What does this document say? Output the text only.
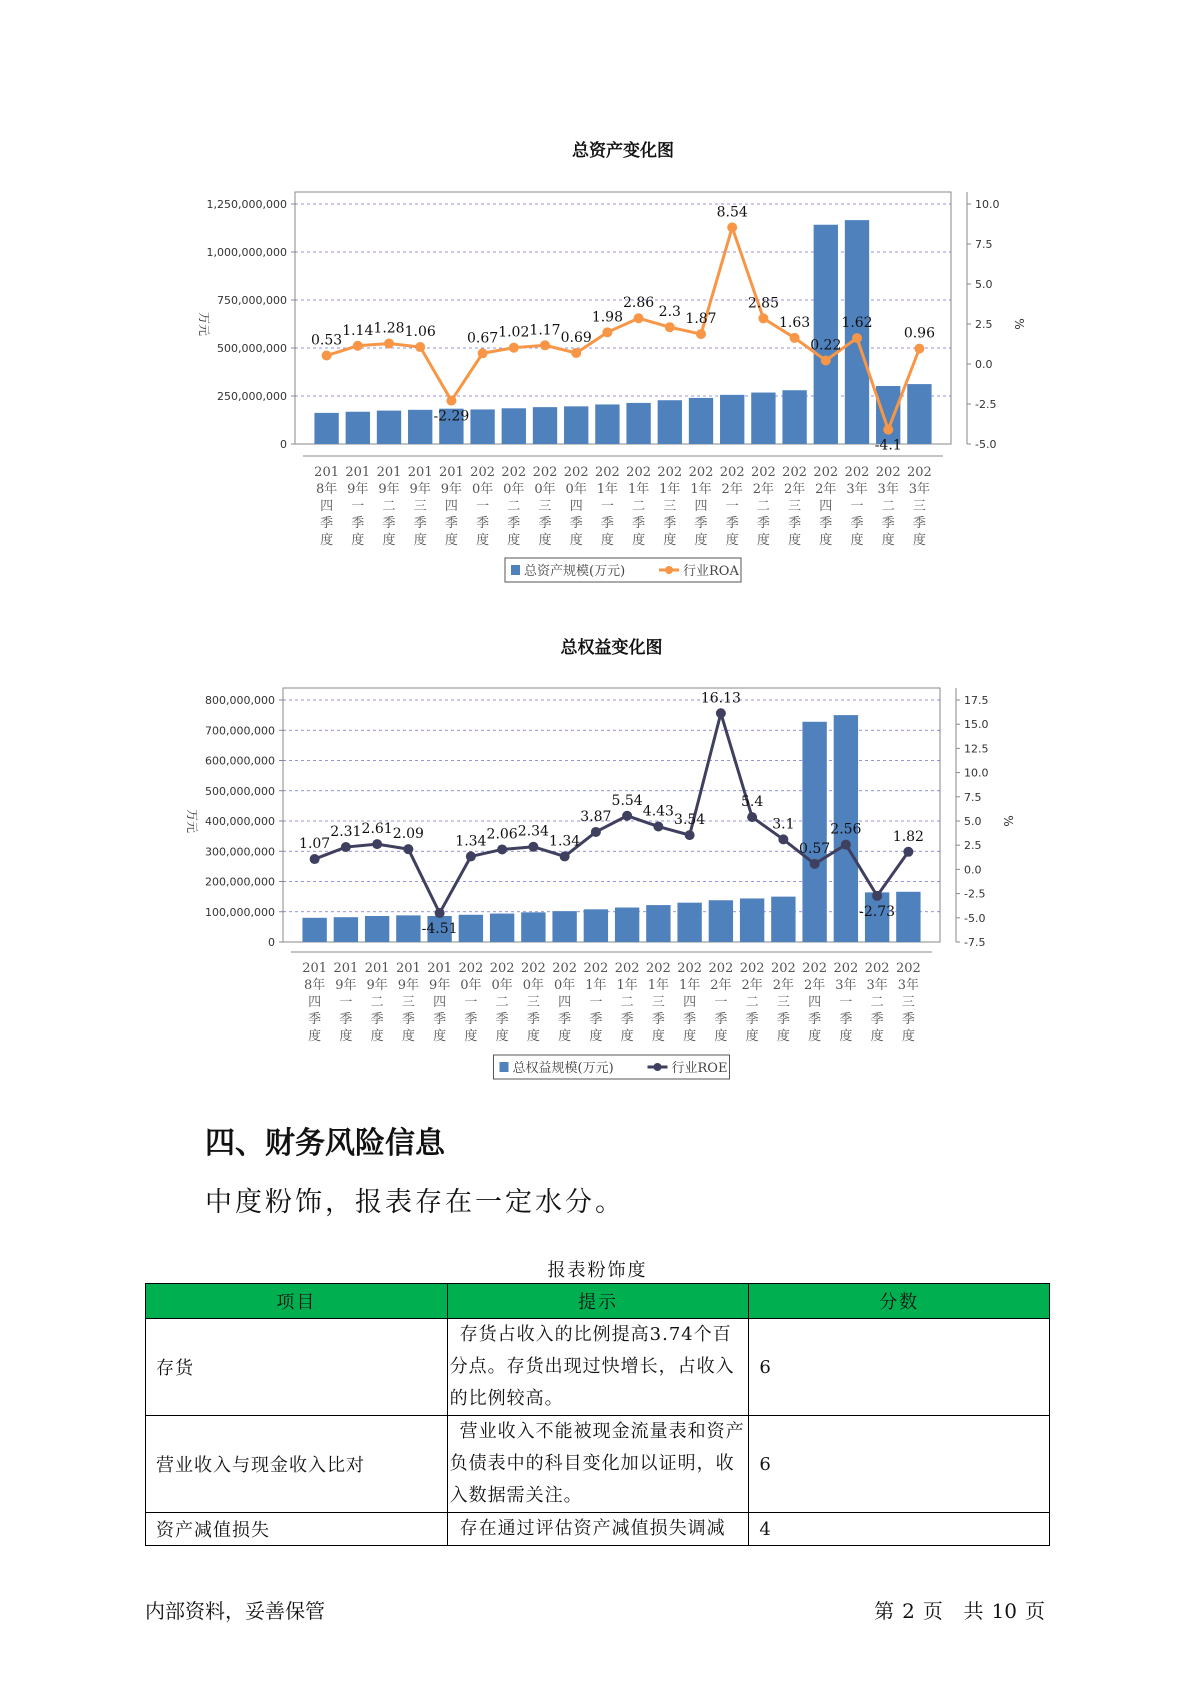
总资产变化图
0
250,000,000
500,000,000
750,000,000
1,000,000,000
1,250,000,000
-5.0
-2.5
0.0
2.5
5.0
7.5
10.0
万元	%
201
8年
四
季
度
201
9年
一
季
度
201
9年
二
季
度
201
9年
三
季
度
201
9年
四
季
度
202
0年
一
季
度
202
0年
二
季
度
202
0年
三
季
度
202
0年
四
季
度
202
1年
一
季
度
202
1年
二
季
度
202
1年
三
季
度
202
1年
四
季
度
202
2年
一
季
度
202
2年
二
季
度
202
2年
三
季
度
202
2年
四
季
度
202
3年
一
季
度
202
3年
二
季
度
202
3年
三
季
度
0.53
1.14 1.28 1.06
-2.29
0.67 1.02 1.17 0.69
1.98
2.86
2.3 1.87
8.54
2.85
1.63
0.22
1.62
-4.1
0.96
总资产规模(万元)	行业ROA
总权益变化图
0
100,000,000
200,000,000
300,000,000
400,000,000
500,000,000
600,000,000
700,000,000
800,000,000
-7.5
-5.0
-2.5
0.0
2.5
5.0
7.5
10.0
12.5
15.0
17.5
万元	%
201
8年
四
季
度
201
9年
一
季
度
201
9年
二
季
度
201
9年
三
季
度
201
9年
四
季
度
202
0年
一
季
度
202
0年
二
季
度
202
0年
三
季
度
202
0年
四
季
度
202
1年
一
季
度
202
1年
二
季
度
202
1年
三
季
度
202
1年
四
季
度
202
2年
一
季
度
202
2年
二
季
度
202
2年
三
季
度
202
2年
四
季
度
202
3年
一
季
度
202
3年
二
季
度
202
3年
三
季
度
1.07
2.31 2.61 2.09
-4.51
1.34 2.06 2.34
1.34
3.87
5.54
4.43
3.54
16.13
5.4
3.1
0.57
2.56
-2.73
1.82
总权益规模(万元)	行业ROE
四、财务风险信息

中度粉饰，报表存在一定水分。

报表粉饰度
项目	提示	分数
存货	存货占收入的比例提高3.74个百分点。存货出现过快增长，占收入的比例较高。	6
营业收入与现金收入比对	营业收入不能被现金流量表和资产负债表中的科目变化加以证明，收入数据需关注。	6
资产减值损失	存在通过评估资产减值损失调减	4
内部资料，妥善保管	第 2 页 共 10 页
